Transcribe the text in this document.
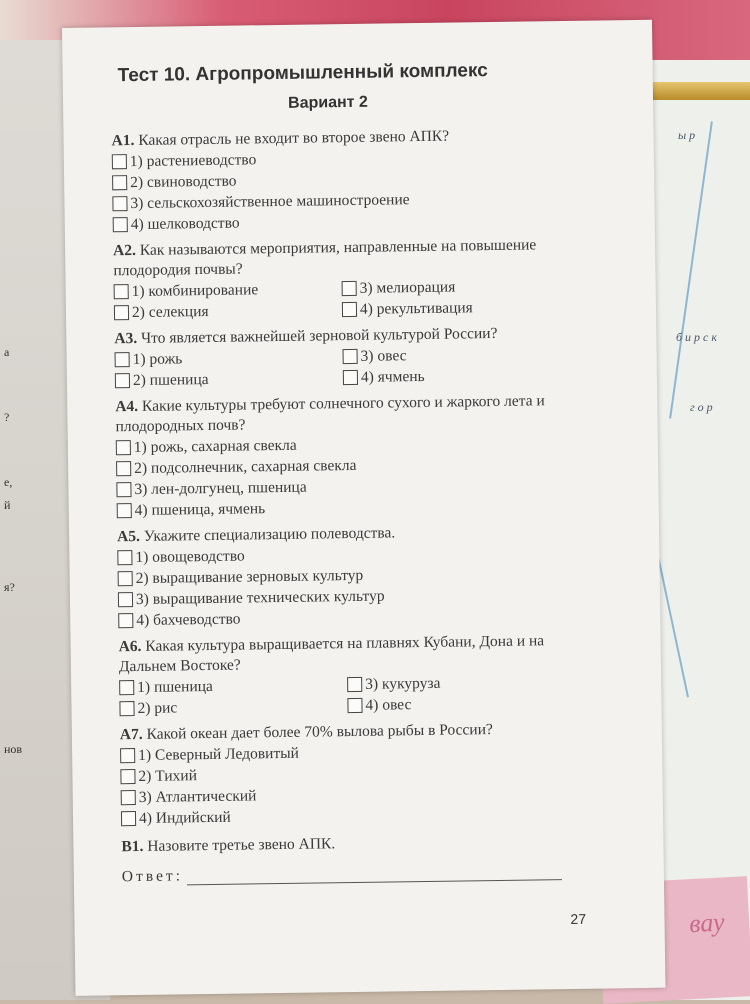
ы р
б и р с к
г о р
вау
а
?
е,
й
я?
нов
Тест 10. Агропромышленный комплекс
Вариант 2
А1. Какая отрасль не входит во второе звено АПК?
1) растениеводство
2) свиноводство
3) сельскохозяйственное машиностроение
4) шелководство
А2. Как называются мероприятия, направленные на повышение плодородия почвы?
1) комбинирование	3) мелиорация
2) селекция	4) рекультивация
А3. Что является важнейшей зерновой культурой России?
1) рожь	3) овес
2) пшеница	4) ячмень
А4. Какие культуры требуют солнечного сухого и жаркого лета и плодородных почв?
1) рожь, сахарная свекла
2) подсолнечник, сахарная свекла
3) лен-долгунец, пшеница
4) пшеница, ячмень
А5. Укажите специализацию полеводства.
1) овощеводство
2) выращивание зерновых культур
3) выращивание технических культур
4) бахчеводство
А6. Какая культура выращивается на плавнях Кубани, Дона и на Дальнем Востоке?
1) пшеница	3) кукуруза
2) рис	4) овес
А7. Какой океан дает более 70% вылова рыбы в России?
1) Северный Ледовитый
2) Тихий
3) Атлантический
4) Индийский
В1. Назовите третье звено АПК.
Ответ:
27
